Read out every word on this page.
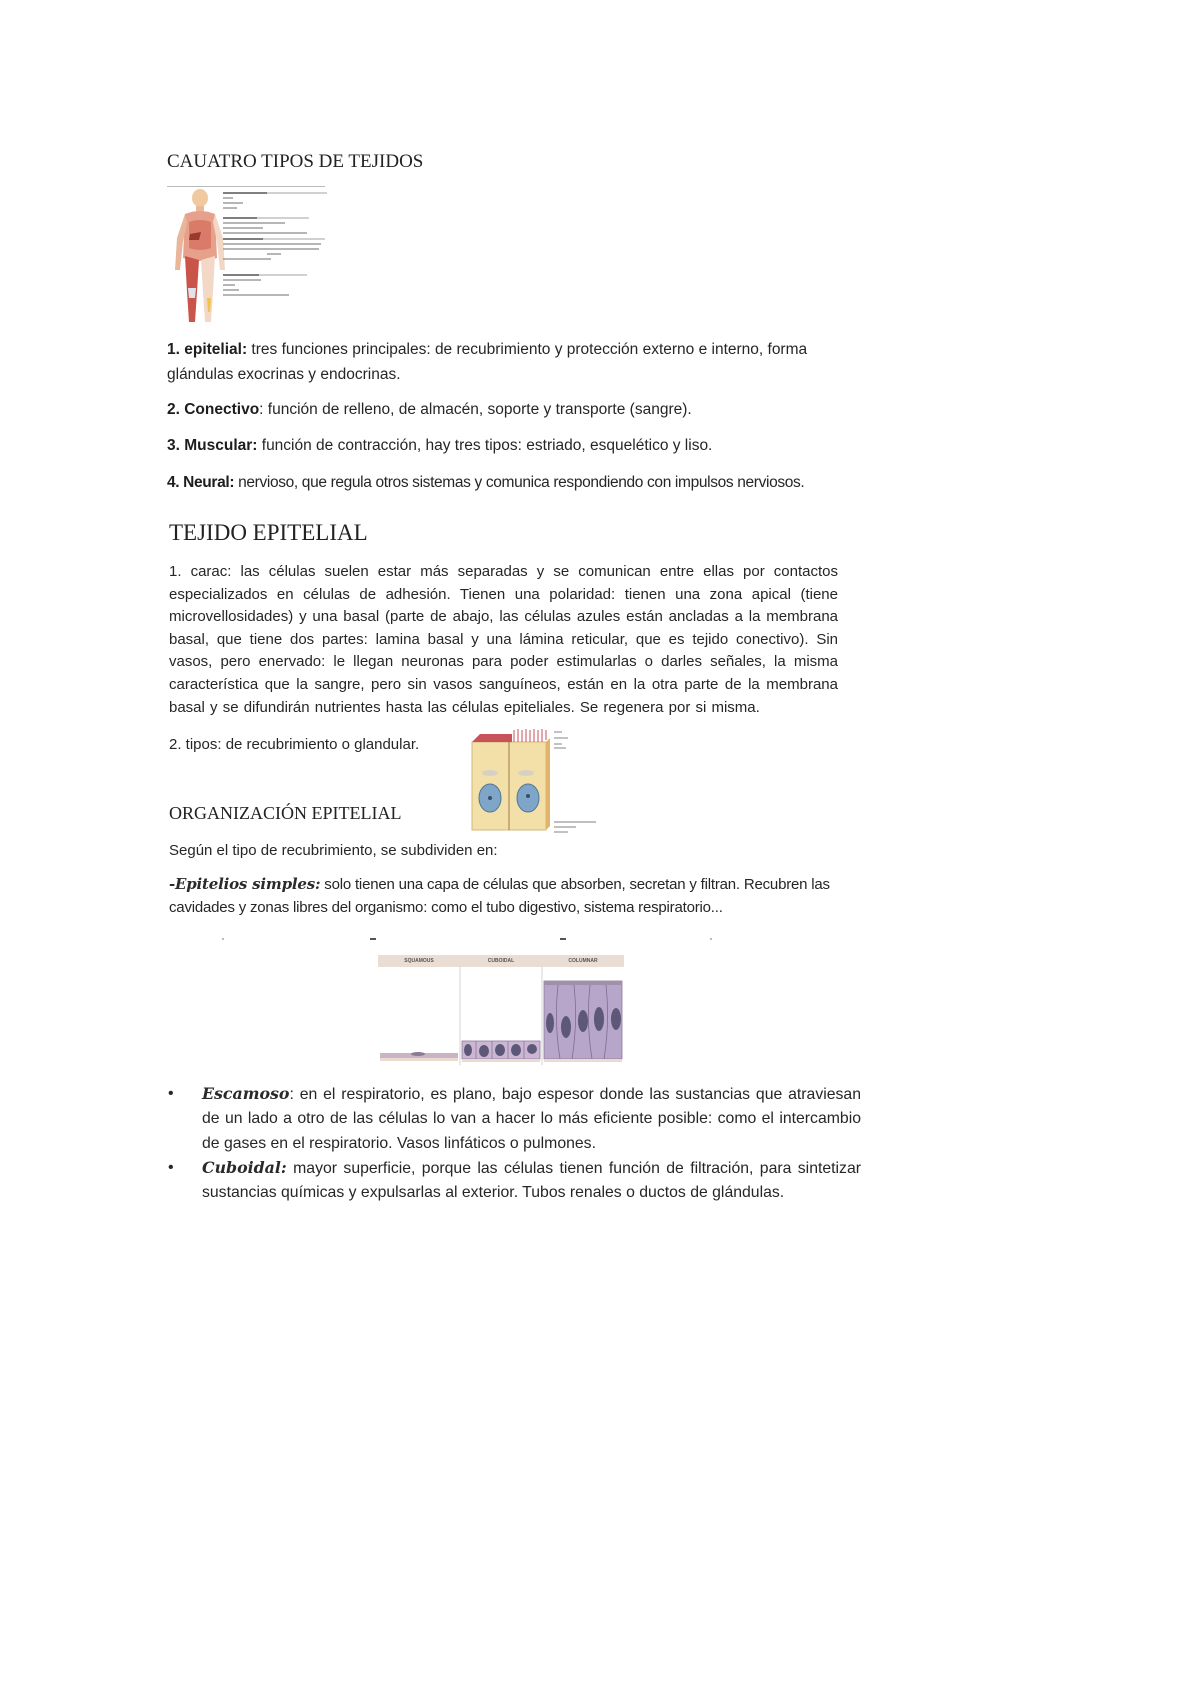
CAUATRO TIPOS DE TEJIDOS
1. epitelial: tres funciones principales: de recubrimiento y protección externo e interno, forma glándulas exocrinas y endocrinas.
2. Conectivo: función de relleno, de almacén, soporte y transporte (sangre).
3. Muscular: función de contracción, hay tres tipos: estriado, esquelético y liso.
4. Neural: nervioso, que regula otros sistemas y comunica respondiendo con impulsos nerviosos.
TEJIDO EPITELIAL
1. carac: las células suelen estar más separadas y se comunican entre ellas por contactos especializados en células de adhesión. Tienen una polaridad: tienen una zona apical (tiene microvellosidades) y una basal (parte de abajo, las células azules están ancladas a la membrana basal, que tiene dos partes: lamina basal y una lámina reticular, que es tejido conectivo). Sin vasos, pero enervado: le llegan neuronas para poder estimularlas o darles señales, la misma característica que la sangre, pero sin vasos sanguíneos, están en la otra parte de la membrana basal y se difundirán nutrientes hasta las células epiteliales. Se regenera por si misma.
2. tipos: de recubrimiento o glandular.
ORGANIZACIÓN EPITELIAL
Según el tipo de recubrimiento, se subdividen en:
-Epitelios simples: solo tienen una capa de células que absorben, secretan y filtran. Recubren las cavidades y zonas libres del organismo: como el tubo digestivo, sistema respiratorio...
SQUAMOUS	CUBOIDAL	COLUMNAR
• Escamoso: en el respiratorio, es plano, bajo espesor donde las sustancias que atraviesan de un lado a otro de las células lo van a hacer lo más eficiente posible: como el intercambio de gases en el respiratorio. Vasos linfáticos o pulmones.
• Cuboidal: mayor superficie, porque las células tienen función de filtración, para sintetizar sustancias químicas y expulsarlas al exterior. Tubos renales o ductos de glándulas.
